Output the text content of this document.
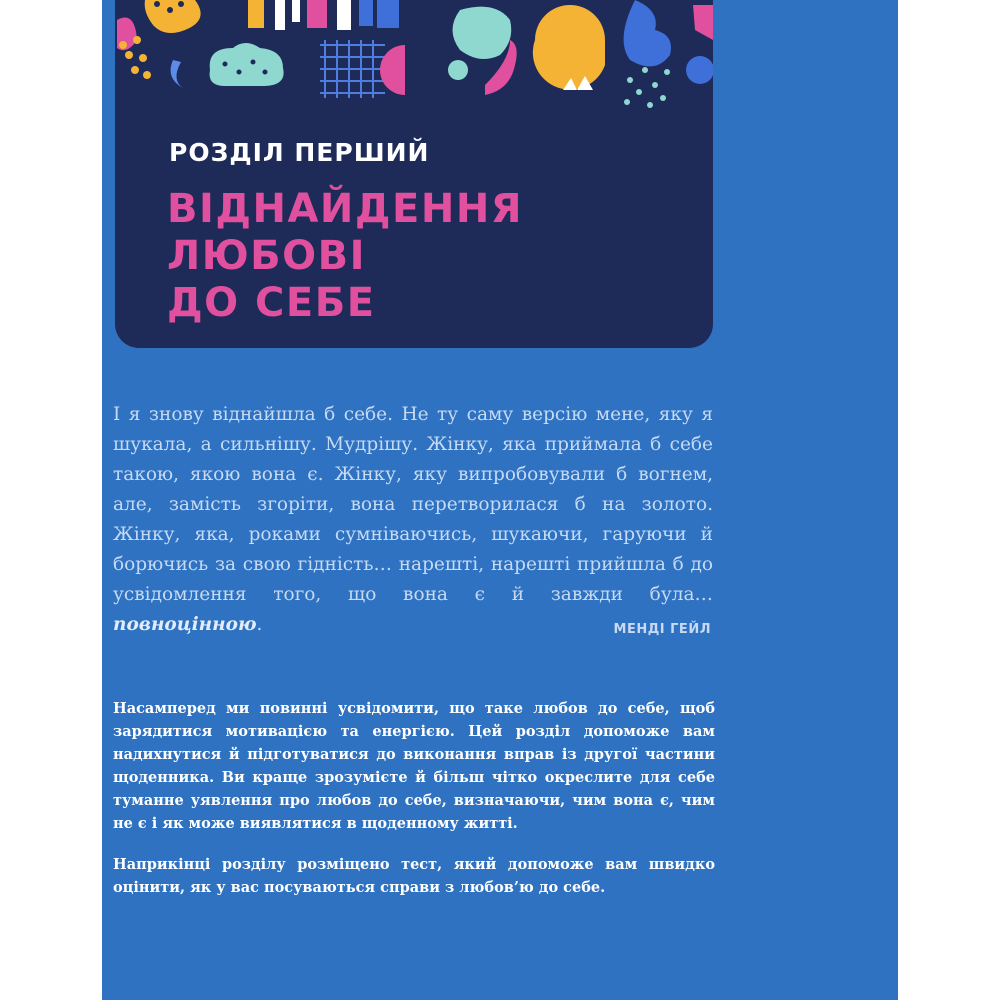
РОЗДІЛ ПЕРШИЙ
ВІДНАЙДЕННЯ
ЛЮБОВІ
ДО СЕБЕ

І я знову віднайшла б себе. Не ту саму версію мене, яку я шукала, а сильнішу. Мудрішу. Жінку, яка приймала б себе такою, якою вона є. Жінку, яку випробовували б вогнем, але, замість згоріти, вона перетворилася б на золото. Жінку, яка, роками сумніваючись, шукаючи, гаруючи й борючись за свою гідність… нарешті, нарешті прийшла б до усвідомлення того, що вона є й завжди була… повноцінною.	МЕНДІ ГЕЙЛ

Насамперед ми повинні усвідомити, що таке любов до себе, щоб зарядитися мотивацією та енергією. Цей розділ допоможе вам надихнутися й підготуватися до виконання вправ із другої частини щоденника. Ви краще зрозумієте й більш чітко окреслите для себе туманне уявлення про любов до себе, визначаючи, чим вона є, чим не є і як може виявлятися в щоденному житті.

Наприкінці розділу розміщено тест, який допоможе вам швидко оцінити, як у вас посуваються справи з любов’ю до себе.
